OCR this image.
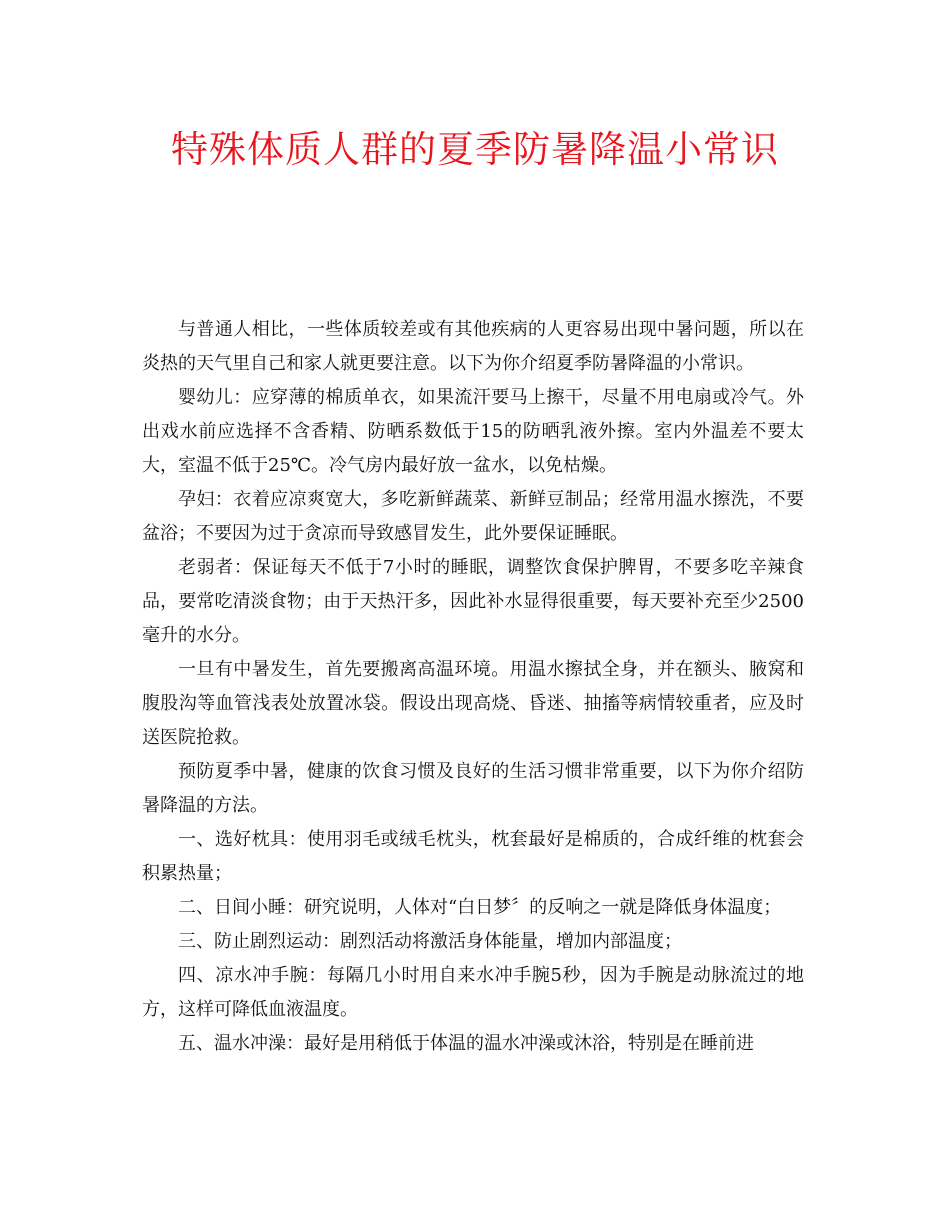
特殊体质人群的夏季防暑降温小常识

与普通人相比，一些体质较差或有其他疾病的人更容易出现中暑问题，所以在炎热的天气里自己和家人就更要注意。以下为你介绍夏季防暑降温的小常识。

婴幼儿：应穿薄的棉质单衣，如果流汗要马上擦干，尽量不用电扇或冷气。外出戏水前应选择不含香精、防晒系数低于15的防晒乳液外擦。室内外温差不要太大，室温不低于25℃。冷气房内最好放一盆水，以免枯燥。

孕妇：衣着应凉爽宽大，多吃新鲜蔬菜、新鲜豆制品；经常用温水擦洗，不要盆浴；不要因为过于贪凉而导致感冒发生，此外要保证睡眠。

老弱者：保证每天不低于7小时的睡眠，调整饮食保护脾胃，不要多吃辛辣食品，要常吃清淡食物；由于天热汗多，因此补水显得很重要，每天要补充至少2500毫升的水分。

一旦有中暑发生，首先要搬离高温环境。用温水擦拭全身，并在额头、腋窝和腹股沟等血管浅表处放置冰袋。假设出现高烧、昏迷、抽搐等病情较重者，应及时送医院抢救。

预防夏季中暑，健康的饮食习惯及良好的生活习惯非常重要，以下为你介绍防暑降温的方法。

一、选好枕具：使用羽毛或绒毛枕头，枕套最好是棉质的，合成纤维的枕套会积累热量；

二、日间小睡：研究说明，人体对“白日梦〞的反响之一就是降低身体温度；

三、防止剧烈运动：剧烈活动将激活身体能量，增加内部温度；

四、凉水冲手腕：每隔几小时用自来水冲手腕5秒，因为手腕是动脉流过的地方，这样可降低血液温度。

五、温水冲澡：最好是用稍低于体温的温水冲澡或沐浴，特别是在睡前进
